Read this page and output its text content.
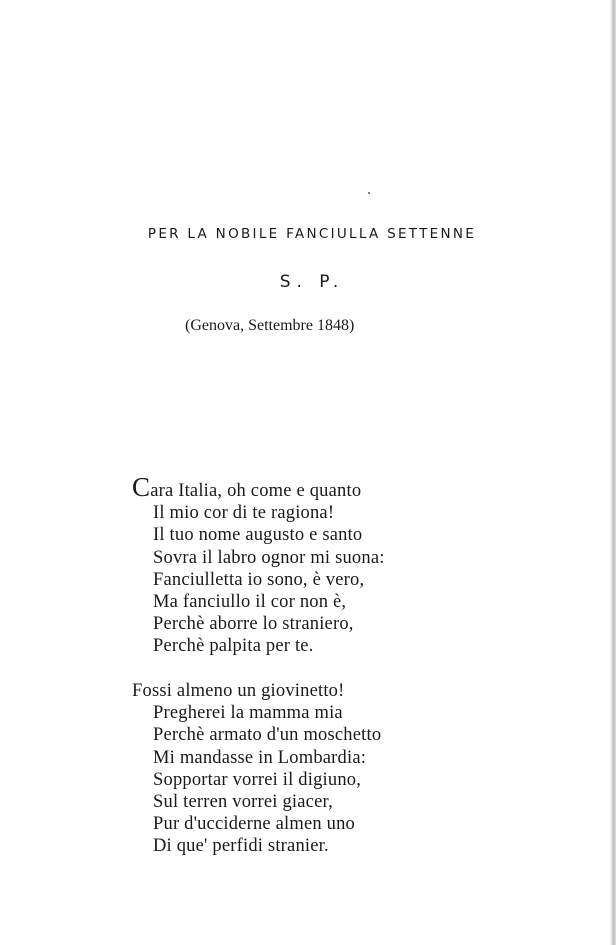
PER LA NOBILE FANCIULLA SETTENNE
S. P.
(Genova, Settembre 1848)
Cara Italia, oh come e quanto
Il mio cor di te ragiona!
Il tuo nome augusto e santo
Sovra il labro ognor mi suona:
Fanciulletta io sono, è vero,
Ma fanciullo il cor non è,
Perchè aborre lo straniero,
Perchè palpita per te.
Fossi almeno un giovinetto!
Pregherei la mamma mia
Perchè armato d'un moschetto
Mi mandasse in Lombardia:
Sopportar vorrei il digiuno,
Sul terren vorrei giacer,
Pur d'ucciderne almen uno
Di que' perfidi stranier.
